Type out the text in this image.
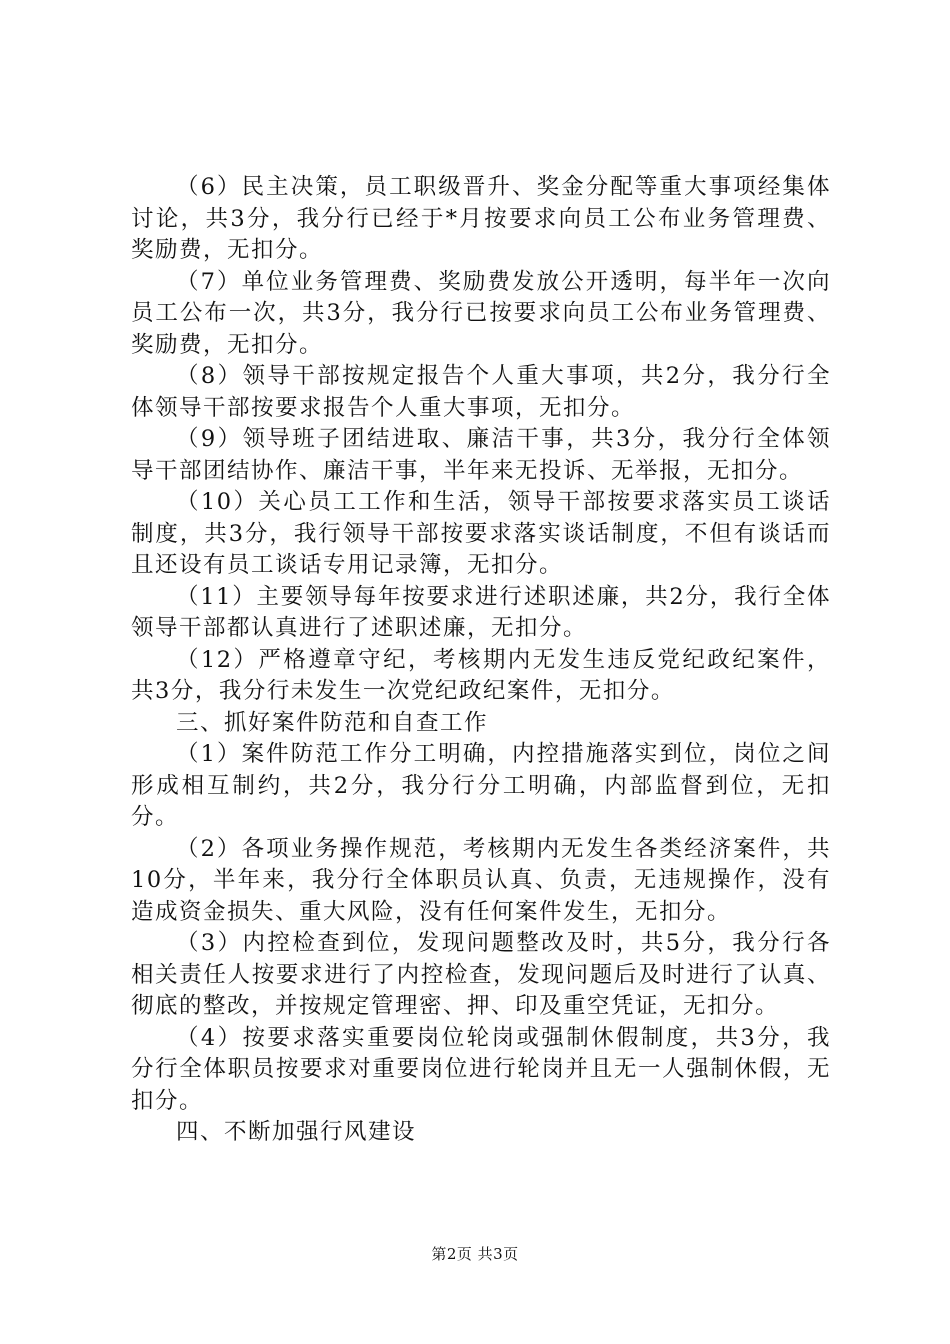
（6）民主决策，员工职级晋升、奖金分配等重大事项经集体讨论，共3分，我分行已经于*月按要求向员工公布业务管理费、奖励费，无扣分。

（7）单位业务管理费、奖励费发放公开透明，每半年一次向员工公布一次，共3分，我分行已按要求向员工公布业务管理费、奖励费，无扣分。

（8）领导干部按规定报告个人重大事项，共2分，我分行全体领导干部按要求报告个人重大事项，无扣分。

（9）领导班子团结进取、廉洁干事，共3分，我分行全体领导干部团结协作、廉洁干事，半年来无投诉、无举报，无扣分。

（10）关心员工工作和生活，领导干部按要求落实员工谈话制度，共3分，我行领导干部按要求落实谈话制度，不但有谈话而且还设有员工谈话专用记录簿，无扣分。

（11）主要领导每年按要求进行述职述廉，共2分，我行全体领导干部都认真进行了述职述廉，无扣分。

（12）严格遵章守纪，考核期内无发生违反党纪政纪案件，共3分，我分行未发生一次党纪政纪案件，无扣分。

三、抓好案件防范和自查工作

（1）案件防范工作分工明确，内控措施落实到位，岗位之间形成相互制约，共2分，我分行分工明确，内部监督到位，无扣分。

（2）各项业务操作规范，考核期内无发生各类经济案件，共10分，半年来，我分行全体职员认真、负责，无违规操作，没有造成资金损失、重大风险，没有任何案件发生，无扣分。

（3）内控检查到位，发现问题整改及时，共5分，我分行各相关责任人按要求进行了内控检查，发现问题后及时进行了认真、彻底的整改，并按规定管理密、押、印及重空凭证，无扣分。

（4）按要求落实重要岗位轮岗或强制休假制度，共3分，我分行全体职员按要求对重要岗位进行轮岗并且无一人强制休假，无扣分。

四、不断加强行风建设

第2页 共3页
